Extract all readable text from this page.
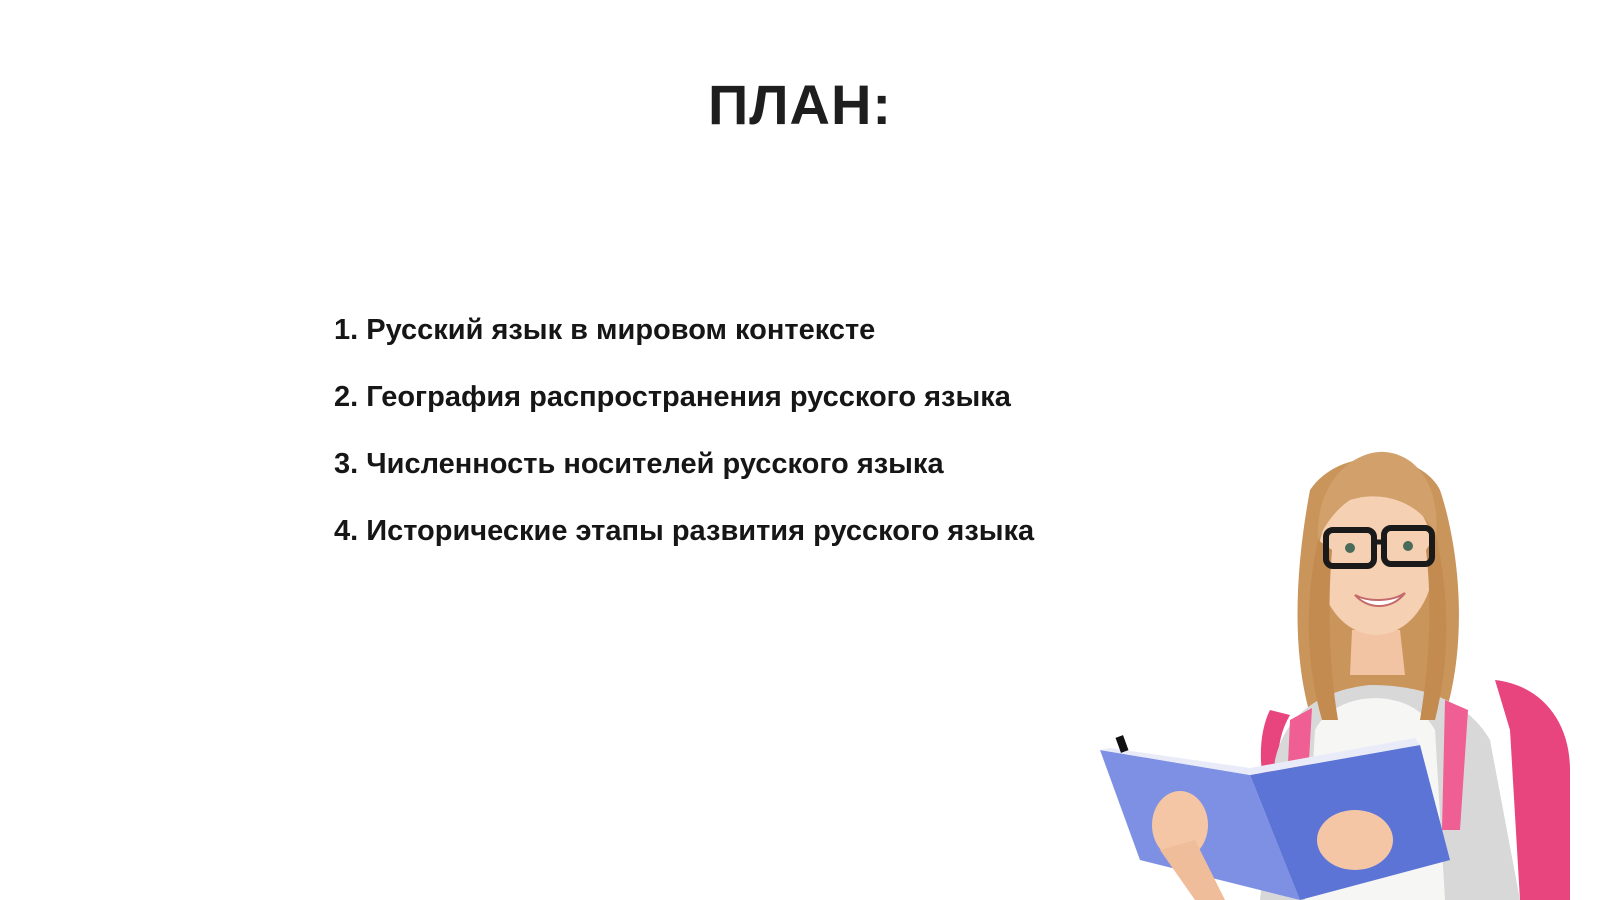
ПЛАН:
1. Русский язык в мировом контексте
2. География распространения русского языка
3. Численность носителей русского языка
4. Исторические этапы развития русского языка
